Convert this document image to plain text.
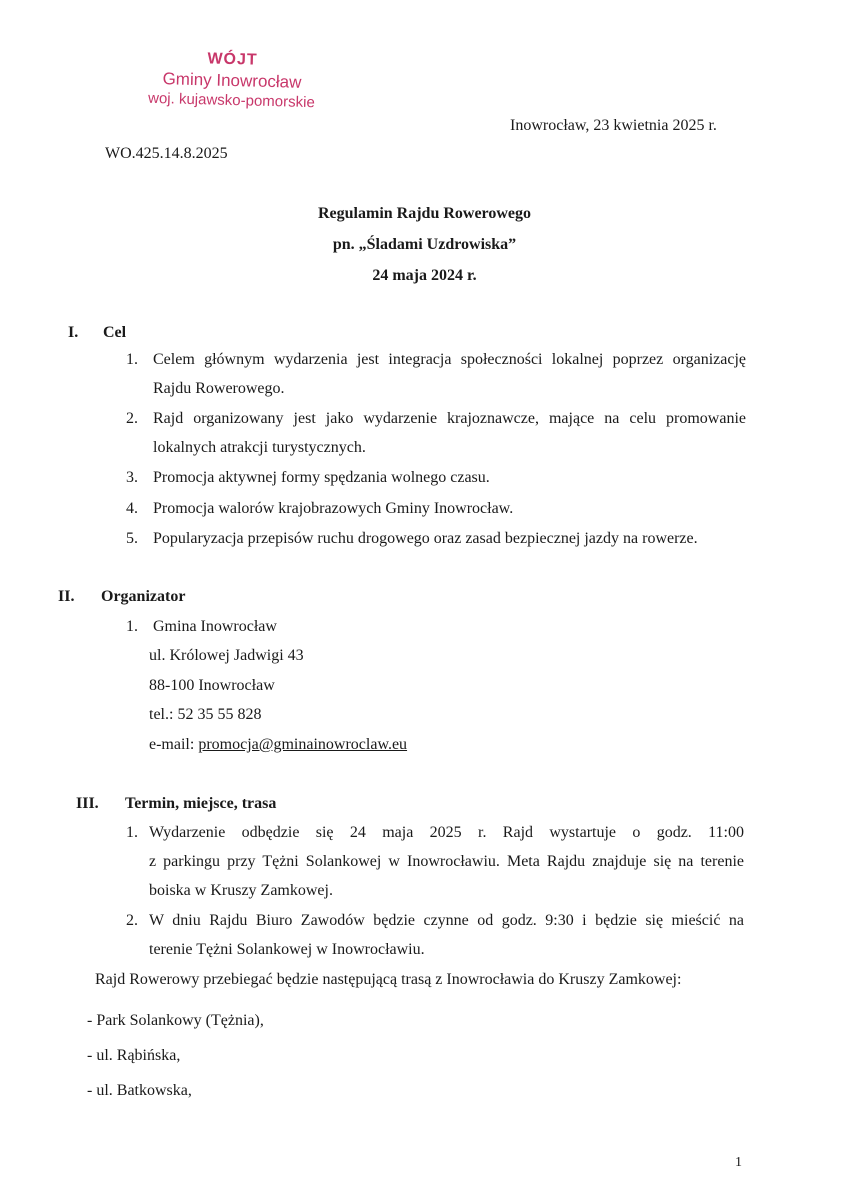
WÓJT
Gminy Inowrocław
woj. kujawsko-pomorskie
Inowrocław, 23 kwietnia 2025 r.
WO.425.14.8.2025
Regulamin Rajdu Rowerowego
pn. „Śladami Uzdrowiska”
24 maja 2024 r.
I. Cel
1. Celem głównym wydarzenia jest integracja społeczności lokalnej poprzez organizację
Rajdu Rowerowego.
2. Rajd organizowany jest jako wydarzenie krajoznawcze, mające na celu promowanie
lokalnych atrakcji turystycznych.
3. Promocja aktywnej formy spędzania wolnego czasu.
4. Promocja walorów krajobrazowych Gminy Inowrocław.
5. Popularyzacja przepisów ruchu drogowego oraz zasad bezpiecznej jazdy na rowerze.
II. Organizator
1. Gmina Inowrocław
ul. Królowej Jadwigi 43
88-100 Inowrocław
tel.: 52 35 55 828
e-mail: promocja@gminainowroclaw.eu
III. Termin, miejsce, trasa
1. Wydarzenie odbędzie się 24 maja 2025 r. Rajd wystartuje o godz. 11:00
z parkingu przy Tężni Solankowej w Inowrocławiu. Meta Rajdu znajduje się na terenie
boiska w Kruszy Zamkowej.
2. W dniu Rajdu Biuro Zawodów będzie czynne od godz. 9:30 i będzie się mieścić na
terenie Tężni Solankowej w Inowrocławiu.
Rajd Rowerowy przebiegać będzie następującą trasą z Inowrocławia do Kruszy Zamkowej:
- Park Solankowy (Tężnia),
- ul. Rąbińska,
- ul. Batkowska,
1
